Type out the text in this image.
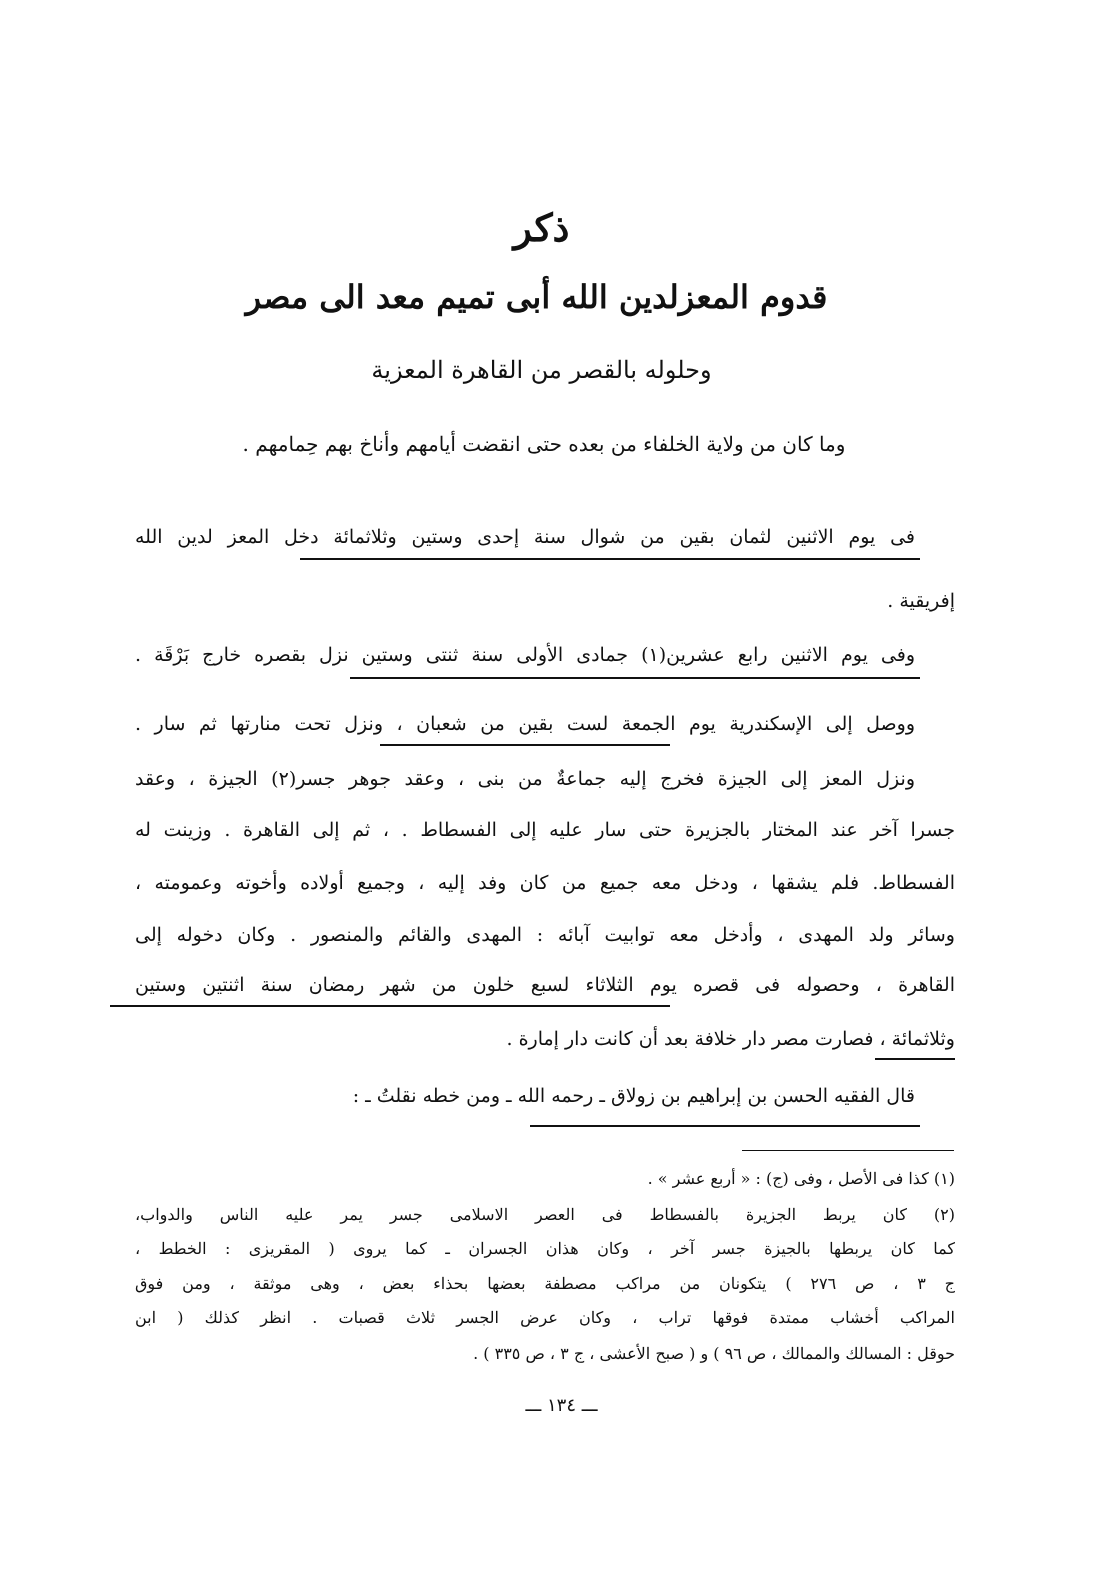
ذكر
قدوم المعزلدين الله أبى تميم معد الى مصر
وحلوله بالقصر من القاهرة المعزية
وما كان من ولاية الخلفاء من بعده حتى انقضت أيامهم وأناخ بهم حِمامهم .
فى يوم الاثنين لثمان بقين من شوال سنة إحدى وستين وثلاثمائة دخل المعز لدين الله
إفريقية .
وفى يوم الاثنين رابع عشرين(١) جمادى الأولى سنة ثنتى وستين نزل بقصره خارج بَرْقَة .
ووصل إلى الإسكندرية يوم الجمعة لست بقين من شعبان ، ونزل تحت منارتها ثم سار .
ونزل المعز إلى الجيزة فخرج إليه جماعةٌ من بنى ، وعقد جوهر جسر(٢) الجيزة ، وعقد
جسرا آخر عند المختار بالجزيرة حتى سار عليه إلى الفسطاط . ، ثم إلى القاهرة . وزينت له
الفسطاط. فلم يشقها ، ودخل معه جميع من كان وفد إليه ، وجميع أولاده وأخوته وعمومته ،
وسائر ولد المهدى ، وأدخل معه توابيت آبائه : المهدى والقائم والمنصور . وكان دخوله إلى
القاهرة ، وحصوله فى قصره يوم الثلاثاء لسبع خلون من شهر رمضان سنة اثنتين وستين
وثلاثمائة ، فصارت مصر دار خلافة بعد أن كانت دار إمارة .
قال الفقيه الحسن بن إبراهيم بن زولاق ـ رحمه الله ـ ومن خطه نقلتُ ـ :
(١) كذا فى الأصل ، وفى (ج) : « أربع عشر » .
(٢) كان يربط الجزيرة بالفسطاط فى العصر الاسلامى جسر يمر عليه الناس والدواب،
كما كان يربطها بالجيزة جسر آخر ، وكان هذان الجسران ـ كما يروى ( المقريزى : الخطط ،
ج ٣ ، ص ٢٧٦ ) يتكونان من مراكب مصطفة بعضها بحذاء بعض ، وهى موثقة ، ومن فوق
المراكب أخشاب ممتدة فوقها تراب ، وكان عرض الجسر ثلاث قصبات . انظر كذلك ( ابن
حوقل : المسالك والممالك ، ص ٩٦ ) و ( صبح الأعشى ، ج ٣ ، ص ٣٣٥ ) .
ـــ ١٣٤ ـــ
